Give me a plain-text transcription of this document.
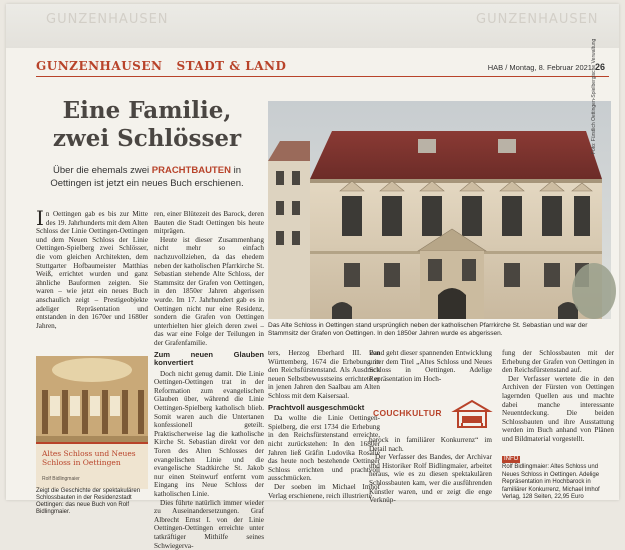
GUNZENHAUSEN	GUNZENHAUSEN
GUNZENHAUSEN   STADT & LAND	HAB / Montag, 8. Februar 2021 26
Eine Familie,
zwei Schlösser
Über die ehemals zwei PRACHTBAUTEN in Oettingen ist jetzt ein neues Buch erschienen.

In Oettingen gab es bis zur Mitte des 19. Jahrhunderts mit dem Alten Schloss der Linie Oettingen-Oettingen und dem Neuen Schloss der Linie Oettingen-Spielberg zwei Schlösser, die vom gleichen Architekten, dem Stuttgarter Hofbaumeister Matthias Weiß, errichtet wurden und ganz ähnliche Bauformen zeigten. Sie waren – wie jetzt ein neues Buch anschaulich zeigt – Prestigeobjekte adeliger Repräsentation und entstanden in den 1670er und 1680er Jahren,

ren, einer Blütezeit des Barock, deren Bauten die Stadt Oettingen bis heute mitprägen.

Heute ist dieser Zusammenhang nicht mehr so einfach nachzuvollziehen, da das ehedem neben der katholischen Pfarrkirche St. Sebastian stehende Alte Schloss, der Stammsitz der Grafen von Oettingen, in den 1850er Jahren abgerissen wurde. Im 17. Jahrhundert gab es in Oettingen nicht nur eine Residenz, sondern die Grafen von Oettingen unterhielten hier gleich deren zwei – das war eine Folge der Teilungen in der Grafenfamilie.

Zum neuen Glauben konvertiert

Doch nicht genug damit. Die Linie Oettingen-Oettingen trat in der Reformation zum evangelischen Glauben über, während die Linie Oettingen-Spielberg katholisch blieb. Somit waren auch die Untertanen konfessionell geteilt. Praktischerweise lag die katholische Kirche St. Sebastian direkt vor den Toren des Alten Schlosses der evangelischen Linie und die evangelische Stadtkirche St. Jakob nur einen Steinwurf entfernt vom Eingang ins Neue Schloss der katholischen Linie.

Dies führte natürlich immer wieder zu Auseinandersetzungen. Graf Albrecht Ernst I. von der Linie Oettingen-Oettingen erreichte unter tatkräftiger Mithilfe seines Schwiegerva-

Foto: Fürstlich Oettingen-Spielbergische Verwaltung
Das Alte Schloss in Oettingen stand ursprünglich neben der katholischen Pfarrkirche St. Sebastian und war der Stammsitz der Grafen von Oettingen. In den 1850er Jahren wurde es abgerissen.

ters, Herzog Eberhard III. von Württemberg, 1674 die Erhebung in den Reichsfürstenstand. Als Ausdruck neuen Selbstbewusstseins errichtete er in jenen Jahren den Saalbau am Alten Schloss mit dem Kaisersaal.

Prachtvoll ausgeschmückt

Da wollte die Linie Oettingen-Spielberg, die erst 1734 die Erhebung in den Reichsfürstenstand erreichte, nicht zurückstehen: In den 1680er Jahren ließ Gräfin Ludovika Rosalie das heute noch bestehende Oettinger Schloss errichten und prachtvoll ausschmücken.

Der soeben im Michael Imhof Verlag erschienene, reich illustrierte

Band geht dieser spannenden Entwicklung unter dem Titel „Altes Schloss und Neues Schloss in Oettingen. Adelige Repräsentation im Hoch-

COUCHKULTUR

barock in familiärer Konkurrenz“ im Detail nach.

Der Verfasser des Bandes, der Archivar und Historiker Rolf Bidlingmaier, arbeitet heraus, wie es zu diesen spektakulären Schlossbauten kam, wer die ausführenden Künstler waren, und er zeigt die enge Verknüp-

fung der Schlossbauten mit der Erhebung der Grafen von Oettingen in den Reichsfürstenstand auf.

Der Verfasser wertete die in den Archiven der Fürsten von Oettingen lagernden Quellen aus und machte dabei manche interessante Neuentdeckung. Die beiden Schlossbauten und ihre Ausstattung werden im Buch anhand von Plänen und Bildmaterial vorgestellt.

INFO
Rolf Bidlingmaier: Altes Schloss und Neues Schloss in Oettingen. Adelige Repräsentation im Hochbarock in familiärer Konkurrenz, Michael Imhof Verlag, 128 Seiten, 22,95 Euro
Altes Schloss und Neues Schloss in Oettingen
Rolf Bidlingmaier
Zeigt die Geschichte der spektakulären Schlossbauten in der Residenzstadt Oettingen: das neue Buch von Rolf Bidlingmaier.
